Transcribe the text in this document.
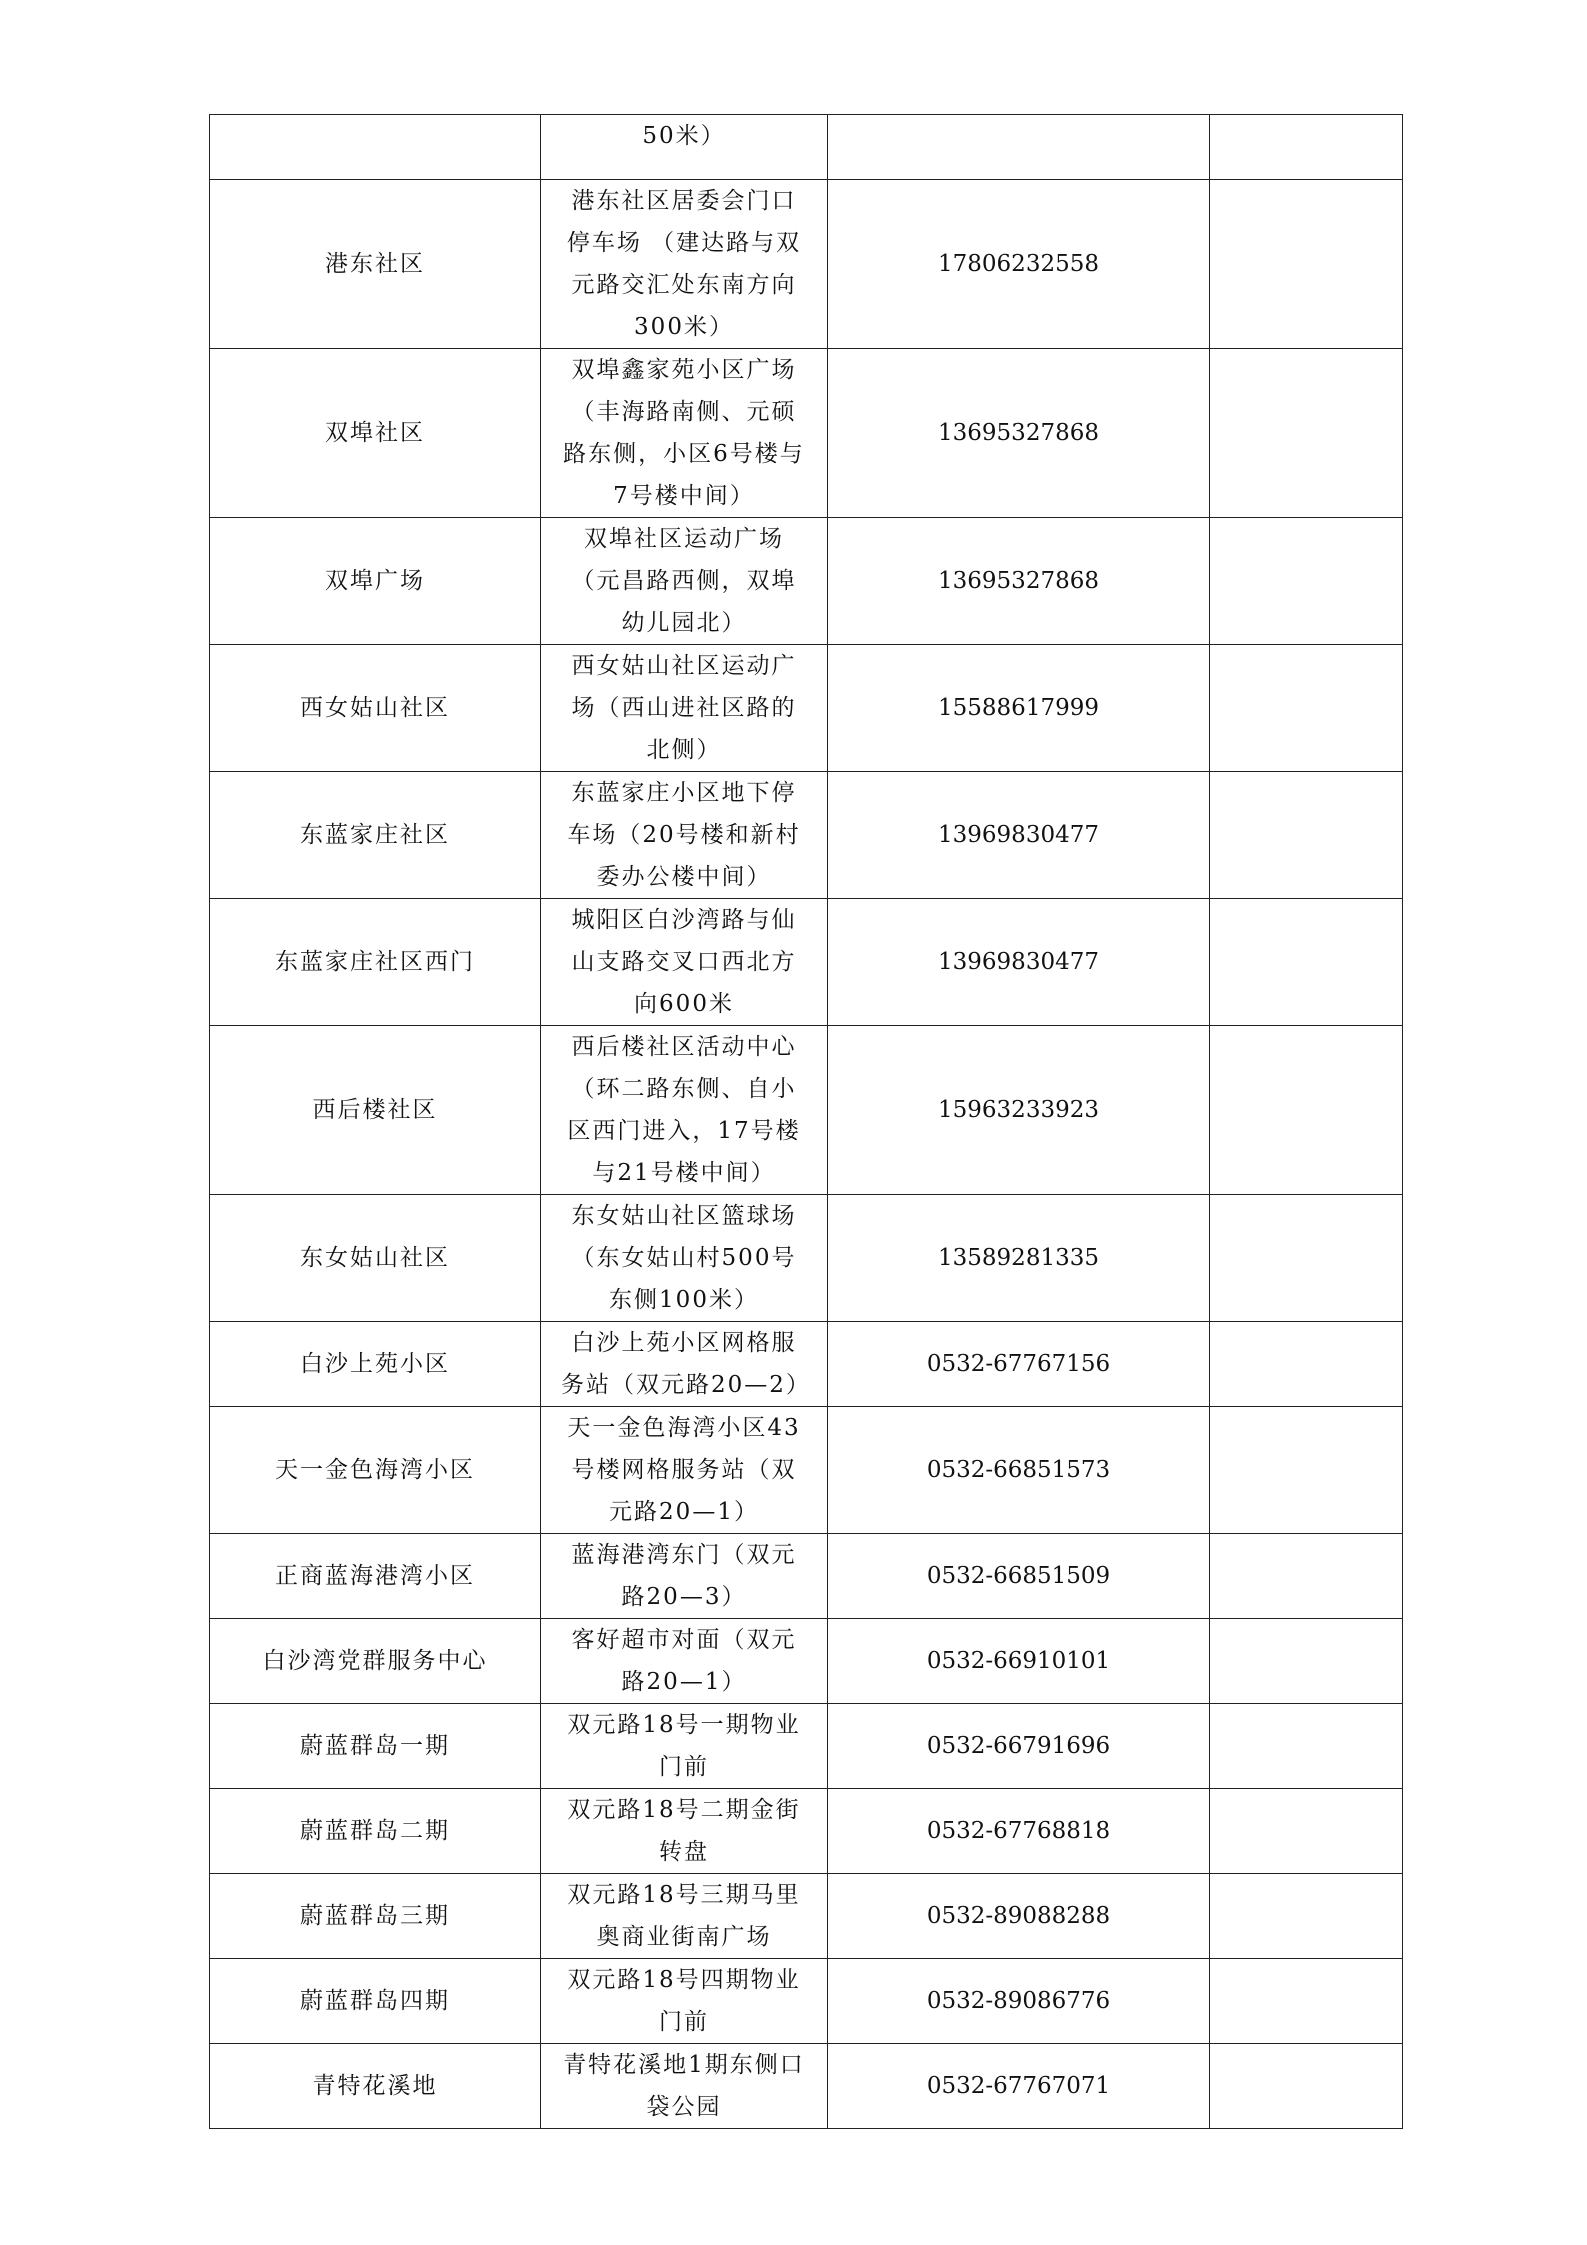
	50米）		
港东社区	港东社区居委会门口停车场 （建达路与双元路交汇处东南方向300米）	17806232558	
双埠社区	双埠鑫家苑小区广场（丰海路南侧、元硕路东侧，小区6号楼与7号楼中间）	13695327868	
双埠广场	双埠社区运动广场（元昌路西侧，双埠幼儿园北）	13695327868	
西女姑山社区	西女姑山社区运动广场（西山进社区路的北侧）	15588617999	
东蓝家庄社区	东蓝家庄小区地下停车场（20号楼和新村委办公楼中间）	13969830477	
东蓝家庄社区西门	城阳区白沙湾路与仙山支路交叉口西北方向600米	13969830477	
西后楼社区	西后楼社区活动中心（环二路东侧、自小区西门进入，17号楼与21号楼中间）	15963233923	
东女姑山社区	东女姑山社区篮球场（东女姑山村500号东侧100米）	13589281335	
白沙上苑小区	白沙上苑小区网格服务站（双元路20—2）	0532-67767156	
天一金色海湾小区	天一金色海湾小区43号楼网格服务站（双元路20—1）	0532-66851573	
正商蓝海港湾小区	蓝海港湾东门（双元路20—3）	0532-66851509	
白沙湾党群服务中心	客好超市对面（双元路20—1）	0532-66910101	
蔚蓝群岛一期	双元路18号一期物业门前	0532-66791696	
蔚蓝群岛二期	双元路18号二期金街转盘	0532-67768818	
蔚蓝群岛三期	双元路18号三期马里奥商业街南广场	0532-89088288	
蔚蓝群岛四期	双元路18号四期物业门前	0532-89086776	
青特花溪地	青特花溪地1期东侧口袋公园	0532-67767071	
